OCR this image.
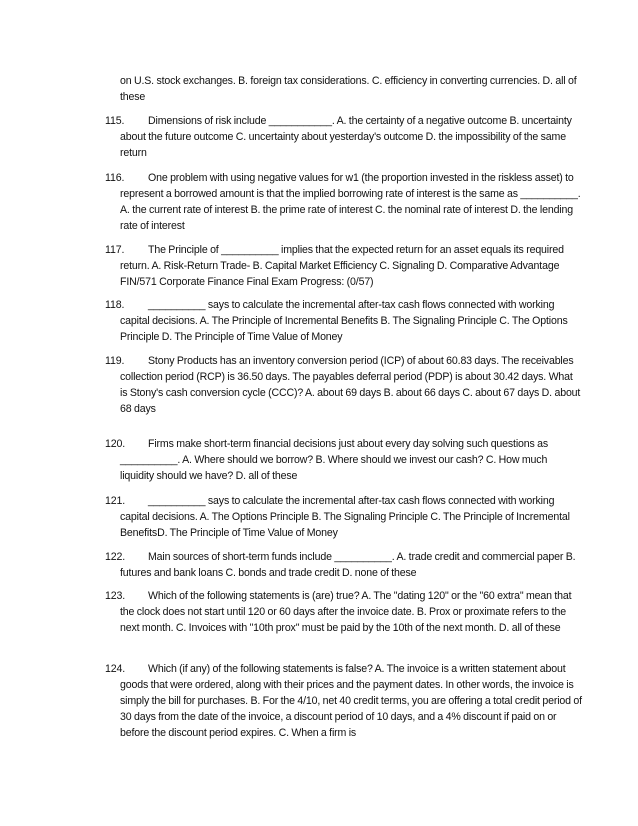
on U.S. stock exchanges. B. foreign tax considerations. C. efficiency in converting currencies. D. all of these
115. Dimensions of risk include ___________. A. the certainty of a negative outcome B. uncertainty about the future outcome C. uncertainty about yesterday's outcome D. the impossibility of the same return
116. One problem with using negative values for w1 (the proportion invested in the riskless asset) to represent a borrowed amount is that the implied borrowing rate of interest is the same as __________. A. the current rate of interest B. the prime rate of interest C. the nominal rate of interest D. the lending rate of interest
117. The Principle of __________ implies that the expected return for an asset equals its required return. A. Risk-Return Trade- B. Capital Market Efficiency C. Signaling D. Comparative Advantage FIN/571 Corporate Finance Final Exam Progress: (0/57)
118. __________ says to calculate the incremental after-tax cash flows connected with working capital decisions. A. The Principle of Incremental Benefits B. The Signaling Principle C. The Options Principle D. The Principle of Time Value of Money
119. Stony Products has an inventory conversion period (ICP) of about 60.83 days. The receivables collection period (RCP) is 36.50 days. The payables deferral period (PDP) is about 30.42 days. What is Stony's cash conversion cycle (CCC)? A. about 69 days B. about 66 days C. about 67 days D. about 68 days
120. Firms make short-term financial decisions just about every day solving such questions as __________. A. Where should we borrow? B. Where should we invest our cash? C. How much liquidity should we have? D. all of these
121. __________ says to calculate the incremental after-tax cash flows connected with working capital decisions. A. The Options Principle B. The Signaling Principle C. The Principle of Incremental BenefitsD. The Principle of Time Value of Money
122. Main sources of short-term funds include __________. A. trade credit and commercial paper B. futures and bank loans C. bonds and trade credit D. none of these
123. Which of the following statements is (are) true? A. The "dating 120" or the "60 extra" mean that the clock does not start until 120 or 60 days after the invoice date. B. Prox or proximate refers to the next month. C. Invoices with "10th prox" must be paid by the 10th of the next month. D. all of these
124. Which (if any) of the following statements is false? A. The invoice is a written statement about goods that were ordered, along with their prices and the payment dates. In other words, the invoice is simply the bill for purchases. B. For the 4/10, net 40 credit terms, you are offering a total credit period of 30 days from the date of the invoice, a discount period of 10 days, and a 4% discount if paid on or before the discount period expires. C. When a firm is
